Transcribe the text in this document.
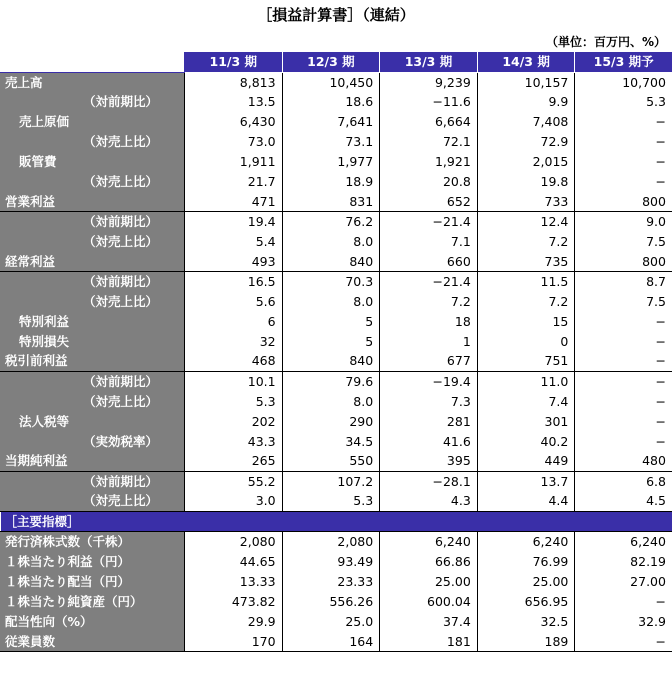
［損益計算書］（連結）
（単位：百万円、%）
	11/3 期	12/3 期	13/3 期	14/3 期	15/3 期予
売上高	8,813	10,450	9,239	10,157	10,700
（対前期比）	13.5	18.6	−11.6	9.9	5.3
売上原価	6,430	7,641	6,664	7,408	−
（対売上比）	73.0	73.1	72.1	72.9	−
販管費	1,911	1,977	1,921	2,015	−
（対売上比）	21.7	18.9	20.8	19.8	−
営業利益	471	831	652	733	800
（対前期比）	19.4	76.2	−21.4	12.4	9.0
（対売上比）	5.4	8.0	7.1	7.2	7.5
経常利益	493	840	660	735	800
（対前期比）	16.5	70.3	−21.4	11.5	8.7
（対売上比）	5.6	8.0	7.2	7.2	7.5
特別利益	6	5	18	15	−
特別損失	32	5	1	0	−
税引前利益	468	840	677	751	−
（対前期比）	10.1	79.6	−19.4	11.0	−
（対売上比）	5.3	8.0	7.3	7.4	−
法人税等	202	290	281	301	−
（実効税率）	43.3	34.5	41.6	40.2	−
当期純利益	265	550	395	449	480
（対前期比）	55.2	107.2	−28.1	13.7	6.8
（対売上比）	3.0	5.3	4.3	4.4	4.5
［主要指標］					
発行済株式数（千株）	2,080	2,080	6,240	6,240	6,240
１株当たり利益（円）	44.65	93.49	66.86	76.99	82.19
１株当たり配当（円）	13.33	23.33	25.00	25.00	27.00
１株当たり純資産（円）	473.82	556.26	600.04	656.95	−
配当性向（%）	29.9	25.0	37.4	32.5	32.9
従業員数	170	164	181	189	−
